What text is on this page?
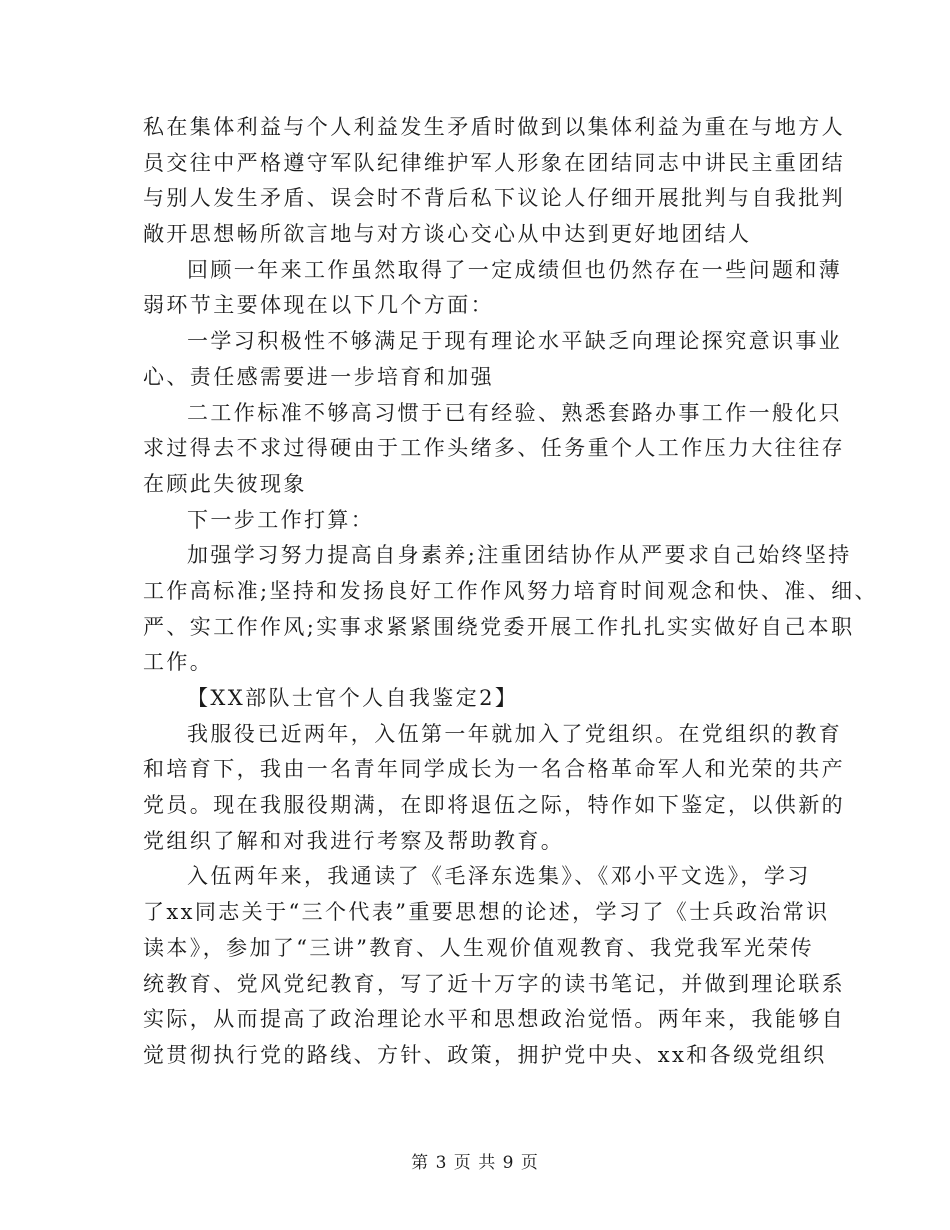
私在集体利益与个人利益发生矛盾时做到以集体利益为重在与地方人
员交往中严格遵守军队纪律维护军人形象在团结同志中讲民主重团结
与别人发生矛盾、误会时不背后私下议论人仔细开展批判与自我批判
敞开思想畅所欲言地与对方谈心交心从中达到更好地团结人
回顾一年来工作虽然取得了一定成绩但也仍然存在一些问题和薄
弱环节主要体现在以下几个方面：
一学习积极性不够满足于现有理论水平缺乏向理论探究意识事业
心、责任感需要进一步培育和加强
二工作标准不够高习惯于已有经验、熟悉套路办事工作一般化只
求过得去不求过得硬由于工作头绪多、任务重个人工作压力大往往存
在顾此失彼现象
下一步工作打算：
加强学习努力提高自身素养;注重团结协作从严要求自己始终坚持
工作高标准;坚持和发扬良好工作作风努力培育时间观念和快、准、细、
严、实工作作风;实事求紧紧围绕党委开展工作扎扎实实做好自己本职
工作。
【XX部队士官个人自我鉴定2】
我服役已近两年，入伍第一年就加入了党组织。在党组织的教育
和培育下，我由一名青年同学成长为一名合格革命军人和光荣的共产
党员。现在我服役期满，在即将退伍之际，特作如下鉴定，以供新的
党组织了解和对我进行考察及帮助教育。
入伍两年来，我通读了《毛泽东选集》、《邓小平文选》，学习
了xx同志关于“三个代表”重要思想的论述，学习了《士兵政治常识
读本》，参加了“三讲”教育、人生观价值观教育、我党我军光荣传
统教育、党风党纪教育，写了近十万字的读书笔记，并做到理论联系
实际，从而提高了政治理论水平和思想政治觉悟。两年来，我能够自
觉贯彻执行党的路线、方针、政策，拥护党中央、xx和各级党组织
第 3 页 共 9 页
